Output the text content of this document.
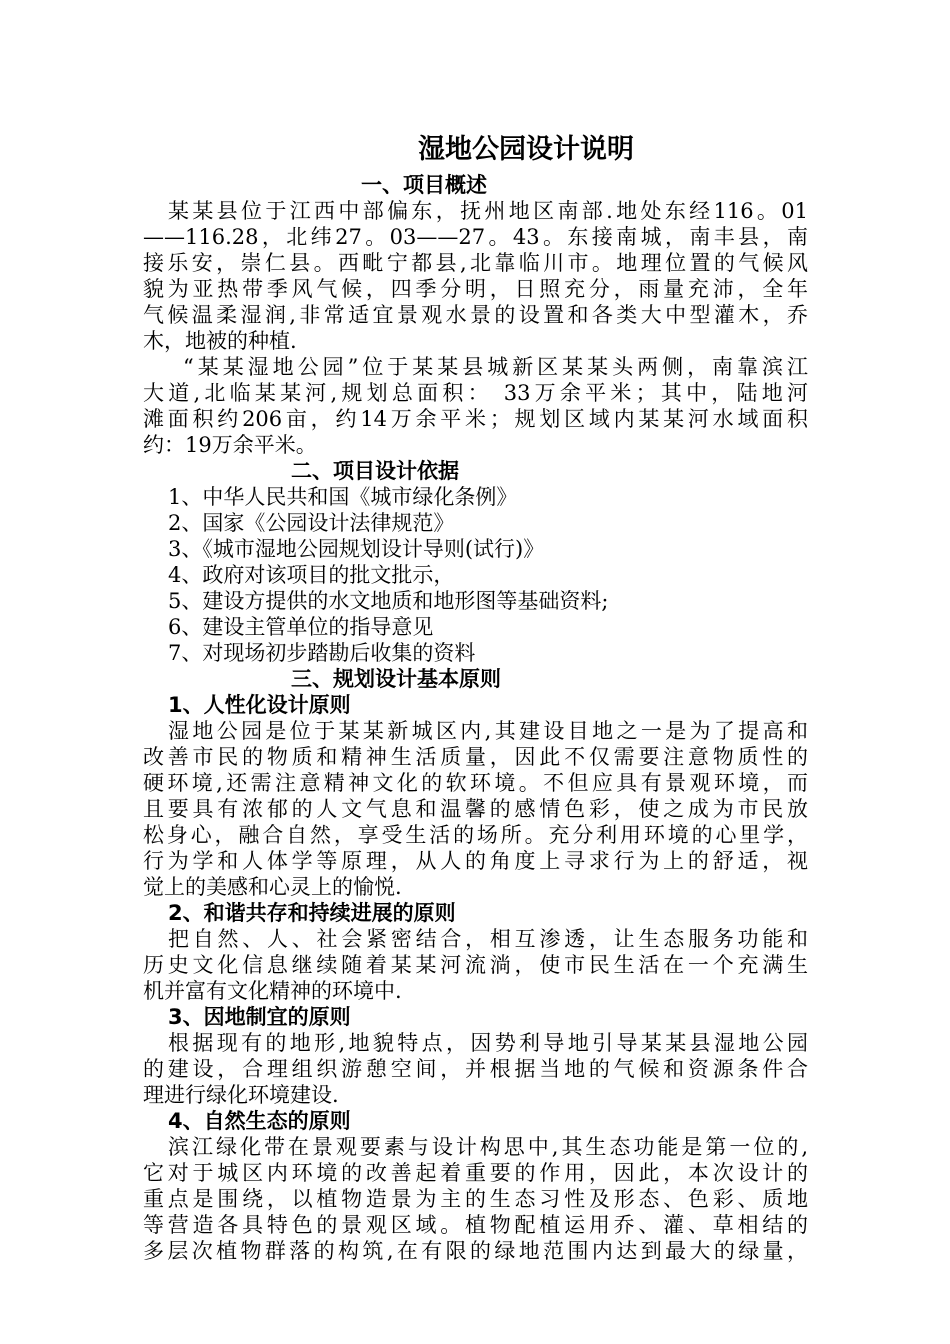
湿地公园设计说明
一、项目概述
某某县位于江西中部偏东，抚州地区南部.地处东经116。01
——116.28，北纬27。03——27。43。东接南城，南丰县，南
接乐安，崇仁县。西毗宁都县,北靠临川市。地理位置的气候风
貌为亚热带季风气候，四季分明，日照充分，雨量充沛，全年
气候温柔湿润,非常适宜景观水景的设置和各类大中型灌木，乔
木，地被的种植.
“某某湿地公园”位于某某县城新区某某头两侧，南靠滨江
大道,北临某某河,规划总面积： 33万余平米；其中，陆地河
滩面积约206亩，约14万余平米；规划区域内某某河水域面积
约：19万余平米。
二、项目设计依据
1、中华人民共和国《城市绿化条例》
2、国家《公园设计法律规范》
3、《城市湿地公园规划设计导则(试行)》
4、政府对该项目的批文批示，
5、建设方提供的水文地质和地形图等基础资料;
6、建设主管单位的指导意见
7、对现场初步踏勘后收集的资料
三、规划设计基本原则
1、人性化设计原则
湿地公园是位于某某新城区内,其建设目地之一是为了提高和
改善市民的物质和精神生活质量，因此不仅需要注意物质性的
硬环境,还需注意精神文化的软环境。不但应具有景观环境，而
且要具有浓郁的人文气息和温馨的感情色彩，使之成为市民放
松身心，融合自然，享受生活的场所。充分利用环境的心里学，
行为学和人体学等原理，从人的角度上寻求行为上的舒适，视
觉上的美感和心灵上的愉悦.
2、和谐共存和持续进展的原则
把自然、人、社会紧密结合，相互渗透，让生态服务功能和
历史文化信息继续随着某某河流淌，使市民生活在一个充满生
机并富有文化精神的环境中.
3、因地制宜的原则
根据现有的地形,地貌特点，因势利导地引导某某县湿地公园
的建设，合理组织游憩空间，并根据当地的气候和资源条件合
理进行绿化环境建设.
4、自然生态的原则
滨江绿化带在景观要素与设计构思中,其生态功能是第一位的,
它对于城区内环境的改善起着重要的作用，因此，本次设计的
重点是围绕，以植物造景为主的生态习性及形态、色彩、质地
等营造各具特色的景观区域。植物配植运用乔、灌、草相结的
多层次植物群落的构筑,在有限的绿地范围内达到最大的绿量，
